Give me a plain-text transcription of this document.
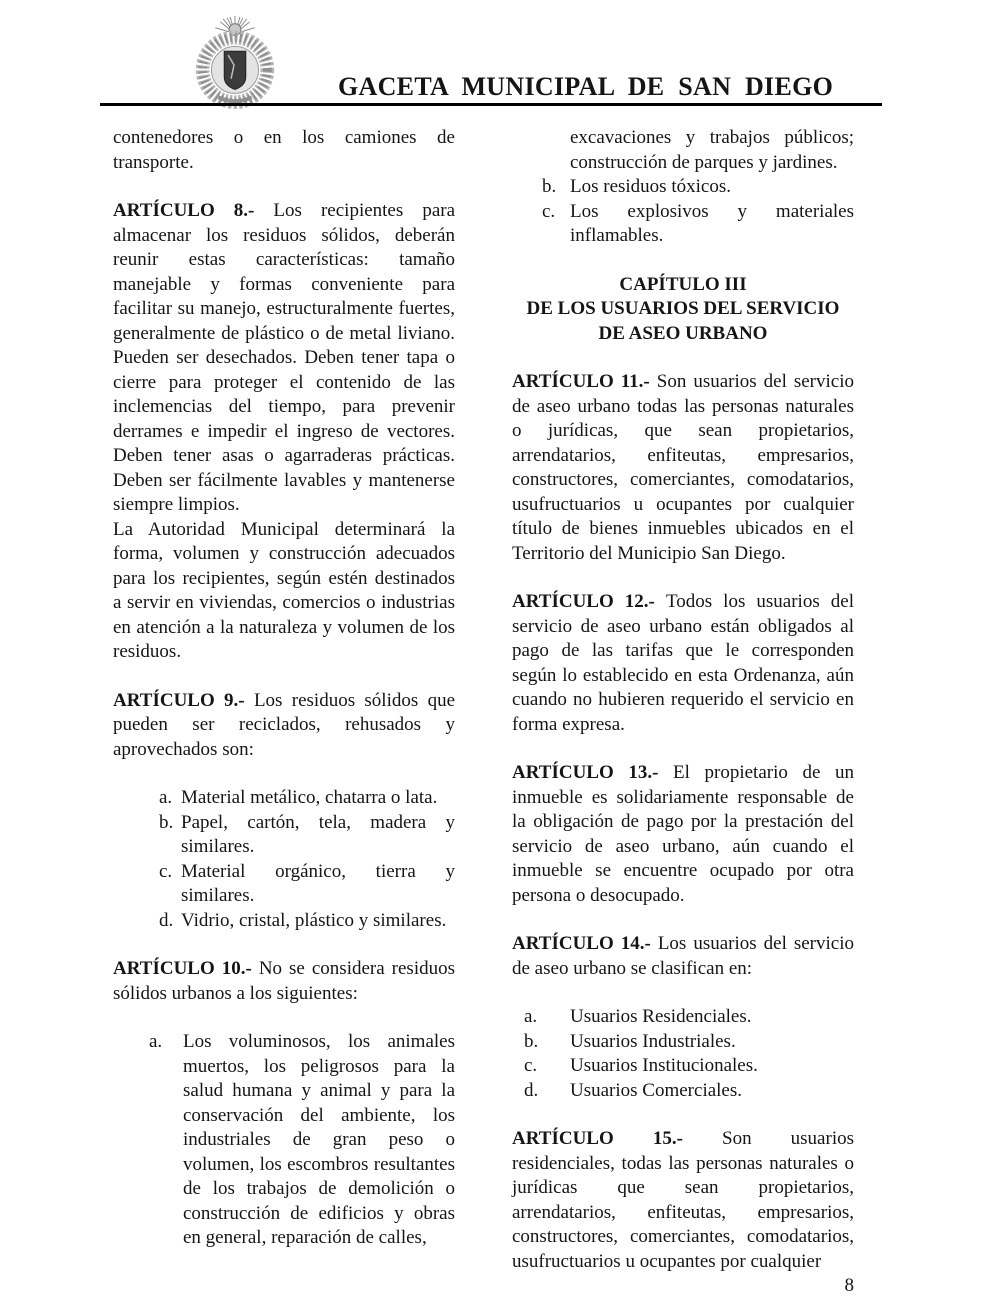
GACETA MUNICIPAL DE SAN DIEGO

contenedores o en los camiones de transporte.

ARTÍCULO 8.- Los recipientes para almacenar los residuos sólidos, deberán reunir estas características: tamaño manejable y formas conveniente para facilitar su manejo, estructuralmente fuertes, generalmente de plástico o de metal liviano. Pueden ser desechados. Deben tener tapa o cierre para proteger el contenido de las inclemencias del tiempo, para prevenir derrames e impedir el ingreso de vectores. Deben tener asas o agarraderas prácticas. Deben ser fácilmente lavables y mantenerse siempre limpios.

La Autoridad Municipal determinará la forma, volumen y construcción adecuados para los recipientes, según estén destinados a servir en viviendas, comercios o industrias en atención a la naturaleza y volumen de los residuos.

ARTÍCULO 9.- Los residuos sólidos que pueden ser reciclados, rehusados y aprovechados son:

a. Material metálico, chatarra o lata.
b. Papel, cartón, tela, madera y similares.
c. Material orgánico, tierra y similares.
d. Vidrio, cristal, plástico y similares.

ARTÍCULO 10.- No se considera residuos sólidos urbanos a los siguientes:

a.	Los voluminosos, los animales muertos, los peligrosos para la salud humana y animal y para la conservación del ambiente, los industriales de gran peso o volumen, los escombros resultantes de los trabajos de demolición o construcción de edificios y obras en general, reparación de calles,
excavaciones y trabajos públicos; construcción de parques y jardines.
b. Los residuos tóxicos.
c. Los explosivos y materiales inflamables.
CAPÍTULO III
DE LOS USUARIOS DEL SERVICIO
DE ASEO URBANO

ARTÍCULO 11.- Son usuarios del servicio de aseo urbano todas las personas naturales o jurídicas, que sean propietarios, arrendatarios, enfiteutas, empresarios, constructores, comerciantes, comodatarios, usufructuarios u ocupantes por cualquier título de bienes inmuebles ubicados en el Territorio del Municipio San Diego.

ARTÍCULO 12.- Todos los usuarios del servicio de aseo urbano están obligados al pago de las tarifas que le corresponden según lo establecido en esta Ordenanza, aún cuando no hubieren requerido el servicio en forma expresa.

ARTÍCULO 13.- El propietario de un inmueble es solidariamente responsable de la obligación de pago por la prestación del servicio de aseo urbano, aún cuando el inmueble se encuentre ocupado por otra persona o desocupado.

ARTÍCULO 14.- Los usuarios del servicio de aseo urbano se clasifican en:

a.	Usuarios Residenciales.
b.	Usuarios Industriales.
c.	Usuarios Institucionales.
d.	Usuarios Comerciales.

ARTÍCULO 15.- Son usuarios residenciales, todas las personas naturales o jurídicas que sean propietarios, arrendatarios, enfiteutas, empresarios, constructores, comerciantes, comodatarios, usufructuarios u ocupantes por cualquier

8
